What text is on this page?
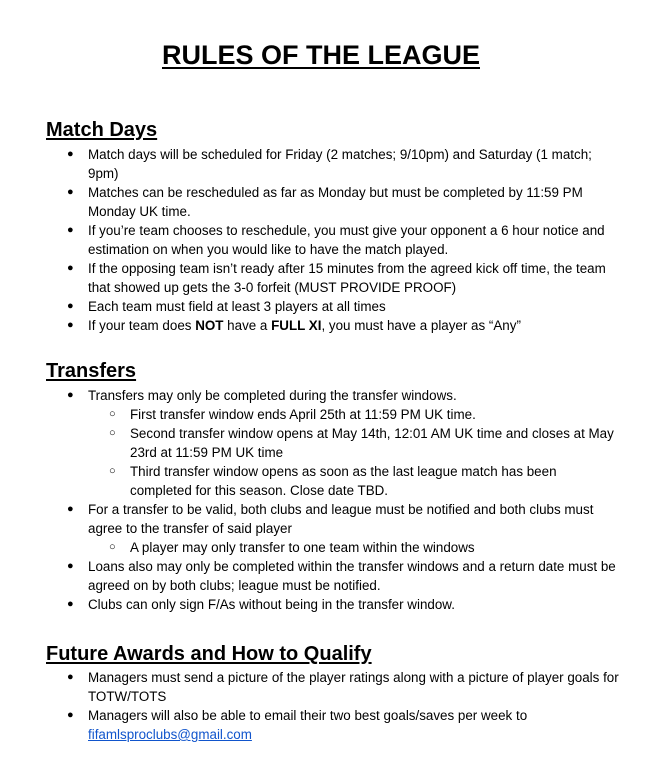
RULES OF THE LEAGUE
Match Days
● Match days will be scheduled for Friday (2 matches; 9/10pm) and Saturday (1 match; 9pm)
● Matches can be rescheduled as far as Monday but must be completed by 11:59 PM Monday UK time.
● If you’re team chooses to reschedule, you must give your opponent a 6 hour notice and estimation on when you would like to have the match played.
● If the opposing team isn’t ready after 15 minutes from the agreed kick off time, the team that showed up gets the 3-0 forfeit (MUST PROVIDE PROOF)
● Each team must field at least 3 players at all times
● If your team does NOT have a FULL XI, you must have a player as “Any”
Transfers
● Transfers may only be completed during the transfer windows.
○ First transfer window ends April 25th at 11:59 PM UK time.
○ Second transfer window opens at May 14th, 12:01 AM UK time and closes at May 23rd at 11:59 PM UK time
○ Third transfer window opens as soon as the last league match has been completed for this season. Close date TBD.
● For a transfer to be valid, both clubs and league must be notified and both clubs must agree to the transfer of said player
○ A player may only transfer to one team within the windows
● Loans also may only be completed within the transfer windows and a return date must be agreed on by both clubs; league must be notified.
● Clubs can only sign F/As without being in the transfer window.
Future Awards and How to Qualify
● Managers must send a picture of the player ratings along with a picture of player goals for TOTW/TOTS
● Managers will also be able to email their two best goals/saves per week to
fifamlsproclubs@gmail.com
